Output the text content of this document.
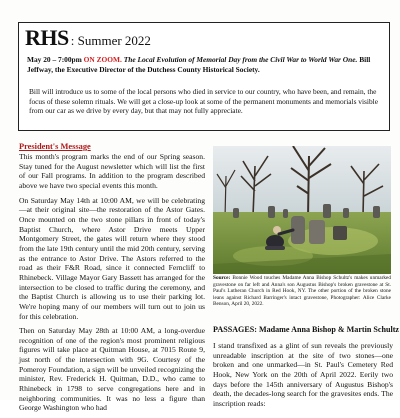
RHS : Summer 2022
May 20 – 7:00pm ON ZOOM. The Local Evolution of Memorial Day from the Civil War to World War One. Bill Jeffway, the Executive Director of the Dutchess County Historical Society.
Bill will introduce us to some of the local persons who died in service to our country, who have been, and remain, the focus of these solemn rituals. We will get a close-up look at some of the permanent monuments and memorials visible from our car as we drive by every day, but that may not fully appreciate.
President's Message

This month's program marks the end of our Spring season. Stay tuned for the August newsletter which will list the first of our Fall programs. In addition to the program described above we have two special events this month.

On Saturday May 14th at 10:00 AM, we will be celebrating—at their original site—the restoration of the Astor Gates. Once mounted on the two stone pillars in front of today's Baptist Church, where Astor Drive meets Upper Montgomery Street, the gates will return where they stood from the late 19th century until the mid 20th century, serving as the entrance to Astor Drive. The Astors referred to the road as their F&R Road, since it connected Ferncliff to Rhinebeck. Village Mayor Gary Bassett has arranged for the intersection to be closed to traffic during the ceremony, and the Baptist Church is allowing us to use their parking lot. We're hoping many of our members will turn out to join us for this celebration.

Then on Saturday May 28th at 10:00 AM, a long-overdue recognition of one of the region's most prominent religious figures will take place at Quitman House, at 7015 Route 9, just north of the intersection with 9G. Courtesy of the Pomeroy Foundation, a sign will be unveiled recognizing the minister, Rev. Frederick H. Quitman, D.D., who came to Rhinebeck in 1798 to serve congregations here and in neighboring communities. It was no less a figure than George Washington who had

Source: Bonnie Wood touches Madame Anna Bishop Schultz's makes unmarked gravestone on far left and Anna's son Augustus Bishop's broken gravestone at St. Paul's Lutheran Church in Red Hook, NY. The other portion of the broken stone leans against Richard Barringer's intact gravestone, Photographer: Alice Clarke Benson, April 20, 2022.
PASSAGES: Madame Anna Bishop & Martin Schultz
I stand transfixed as a glint of sun reveals the previously unreadable inscription at the site of two stones—one broken and one unmarked—in St. Paul's Cemetery Red Hook, New York on the 20th of April 2022. Eerily two days before the 145th anniversary of Augustus Bishop's death, the decades-long search for the gravesites ends. The inscription reads:
